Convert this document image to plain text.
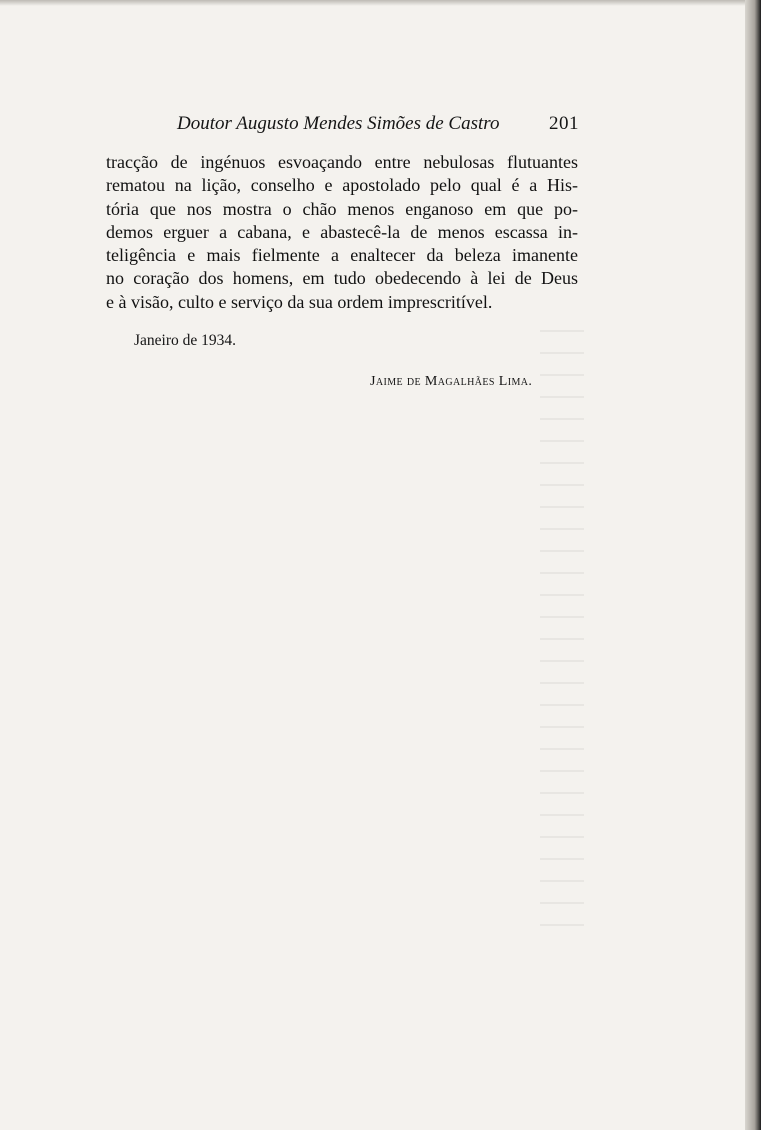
Doutor Augusto Mendes Simões de Castro	201
tracção de ingénuos esvoaçando entre nebulosas flutuantes
rematou na lição, conselho e apostolado pelo qual é a His-
tória que nos mostra o chão menos enganoso em que po-
demos erguer a cabana, e abastecê-la de menos escassa in-
teligência e mais fielmente a enaltecer da beleza imanente
no coração dos homens, em tudo obedecendo à lei de Deus
e à visão, culto e serviço da sua ordem imprescritível.
Janeiro de 1934.
Jaime de Magalhães Lima.
